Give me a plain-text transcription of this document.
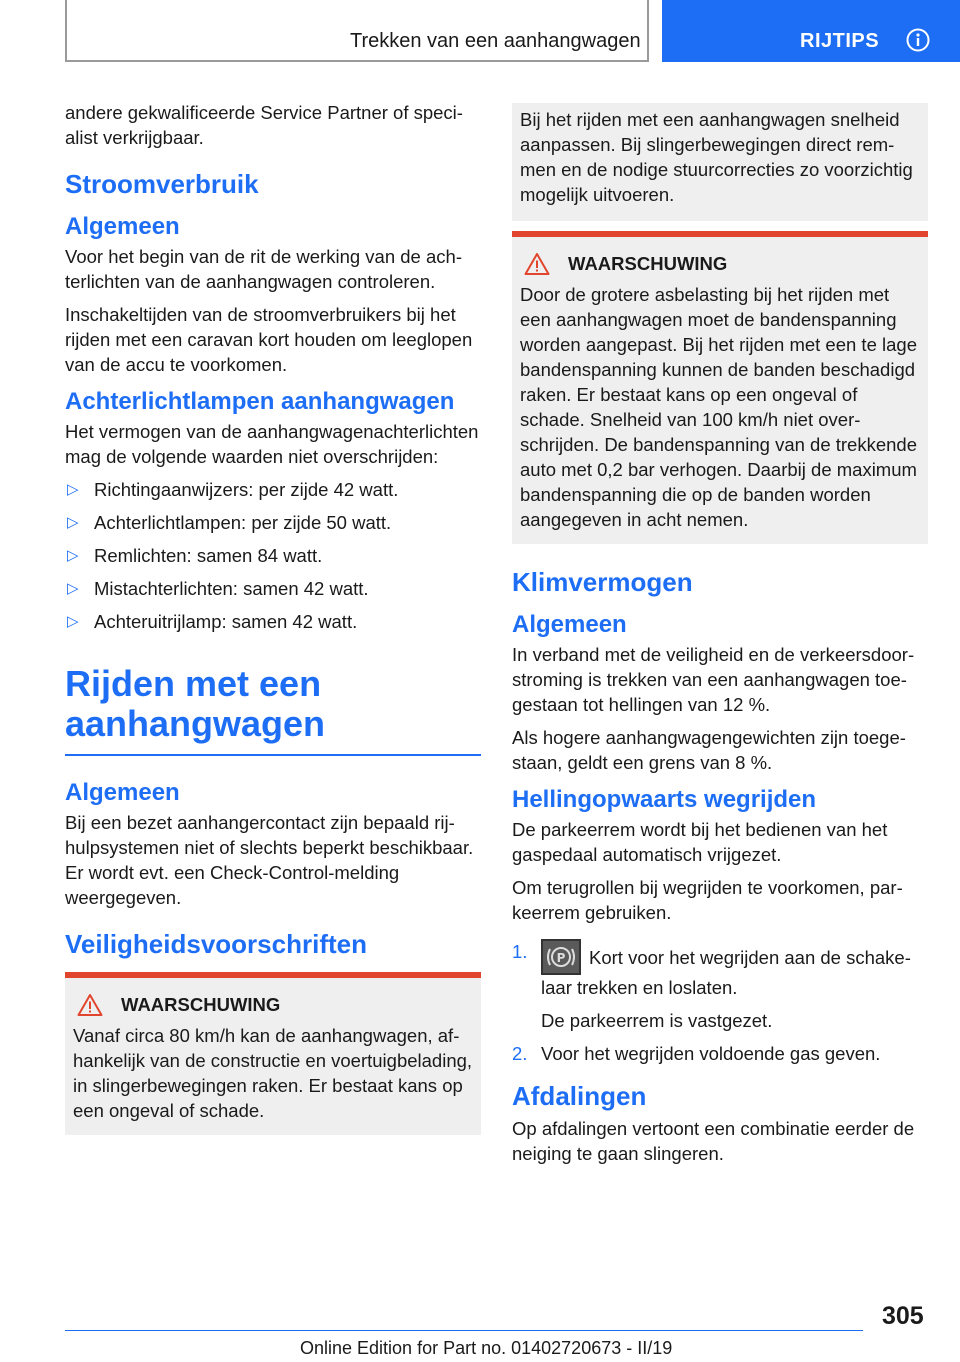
Trekken van een aanhangwagen	RIJTIPS

andere gekwalificeerde Service Partner of specialist verkrijgbaar.

Stroomverbruik
Algemeen

Voor het begin van de rit de werking van de achterlichten van de aanhangwagen controleren.

Inschakeltijden van de stroomverbruikers bij het rijden met een caravan kort houden om leeglopen van de accu te voorkomen.

Achterlichtlampen aanhangwagen

Het vermogen van de aanhangwagenachterlichten mag de volgende waarden niet overschrijden:

▷ Richtingaanwijzers: per zijde 42 watt.
▷ Achterlichtlampen: per zijde 50 watt.
▷ Remlichten: samen 84 watt.
▷ Mistachterlichten: samen 42 watt.
▷ Achteruitrijlamp: samen 42 watt.
Rijden met een aanhangwagen
Algemeen

Bij een bezet aanhangercontact zijn bepaald rijhulpsystemen niet of slechts beperkt beschikbaar. Er wordt evt. een Check-Control-melding weergegeven.

Veiligheidsvoorschriften
WAARSCHUWING
Vanaf circa 80 km/h kan de aanhangwagen, afhankelijk van de constructie en voertuigbelading, in slingerbewegingen raken. Er bestaat kans op een ongeval of schade.
Bij het rijden met een aanhangwagen snelheid aanpassen. Bij slingerbewegingen direct remmen en de nodige stuurcorrecties zo voorzichtig mogelijk uitvoeren.
WAARSCHUWING
Door de grotere asbelasting bij het rijden met een aanhangwagen moet de bandenspanning worden aangepast. Bij het rijden met een te lage bandenspanning kunnen de banden beschadigd raken. Er bestaat kans op een ongeval of schade. Snelheid van 100 km/h niet overschrijden. De bandenspanning van de trekkende auto met 0,2 bar verhogen. Daarbij de maximum bandenspanning die op de banden worden aangegeven in acht nemen.
Klimvermogen
Algemeen

In verband met de veiligheid en de verkeersdoorstroming is trekken van een aanhangwagen toegestaan tot hellingen van 12 %.

Als hogere aanhangwagengewichten zijn toegestaan, geldt een grens van 8 %.

Hellingopwaarts wegrijden

De parkeerrem wordt bij het bedienen van het gaspedaal automatisch vrijgezet.

Om terugrollen bij wegrijden te voorkomen, parkeerrem gebruiken.

1. P Kort voor het wegrijden aan de schakelaar trekken en loslaten.
De parkeerrem is vastgezet.
2. Voor het wegrijden voldoende gas geven.
Afdalingen

Op afdalingen vertoont een combinatie eerder de neiging te gaan slingeren.

305
Online Edition for Part no. 01402720673 - II/19
